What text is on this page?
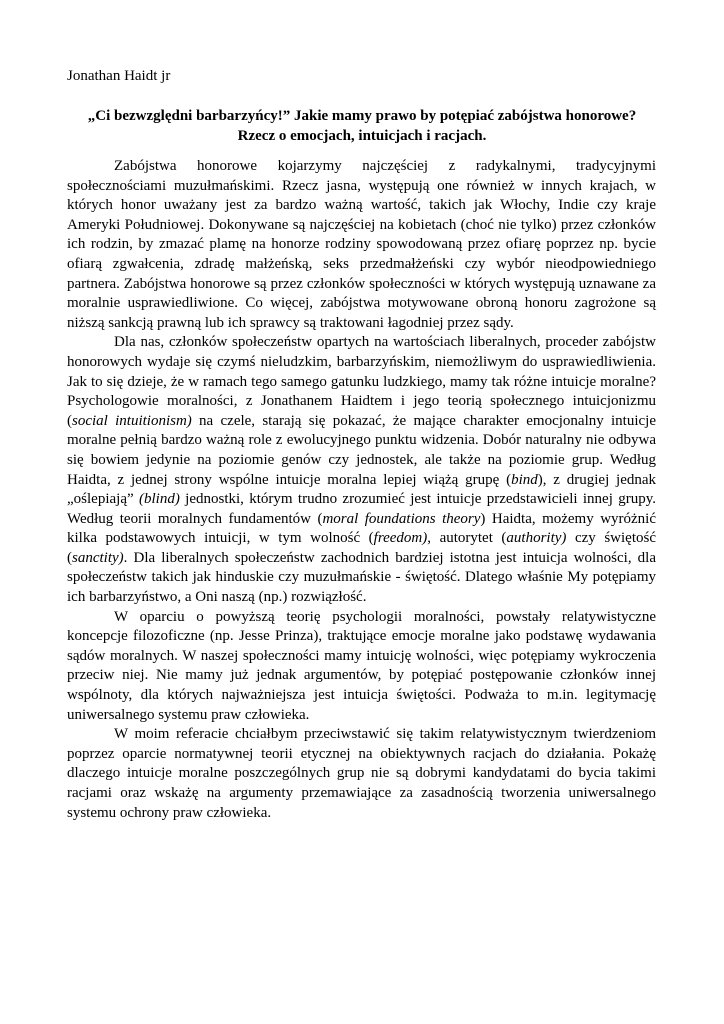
Jonathan Haidt jr

„Ci bezwzględni barbarzyńcy!” Jakie mamy prawo by potępiać zabójstwa honorowe?
Rzecz o emocjach, intuicjach i racjach.

Zabójstwa honorowe kojarzymy najczęściej z radykalnymi, tradycyjnymi społecznościami muzułmańskimi. Rzecz jasna, występują one również w innych krajach, w których honor uważany jest za bardzo ważną wartość, takich jak Włochy, Indie czy kraje Ameryki Południowej. Dokonywane są najczęściej na kobietach (choć nie tylko) przez członków ich rodzin, by zmazać plamę na honorze rodziny spowodowaną przez ofiarę poprzez np. bycie ofiarą zgwałcenia, zdradę małżeńską, seks przedmałżeński czy wybór nieodpowiedniego partnera. Zabójstwa honorowe są przez członków społeczności w których występują uznawane za moralnie usprawiedliwione. Co więcej, zabójstwa motywowane obroną honoru zagrożone są niższą sankcją prawną lub ich sprawcy są traktowani łagodniej przez sądy.

Dla nas, członków społeczeństw opartych na wartościach liberalnych, proceder zabójstw honorowych wydaje się czymś nieludzkim, barbarzyńskim, niemożliwym do usprawiedliwienia. Jak to się dzieje, że w ramach tego samego gatunku ludzkiego, mamy tak różne intuicje moralne? Psychologowie moralności, z Jonathanem Haidtem i jego teorią społecznego intuicjonizmu (social intuitionism) na czele, starają się pokazać, że mające charakter emocjonalny intuicje moralne pełnią bardzo ważną role z ewolucyjnego punktu widzenia. Dobór naturalny nie odbywa się bowiem jedynie na poziomie genów czy jednostek, ale także na poziomie grup. Według Haidta, z jednej strony wspólne intuicje moralna lepiej wiążą grupę (bind), z drugiej jednak „oślepiają” (blind) jednostki, którym trudno zrozumieć jest intuicje przedstawicieli innej grupy. Według teorii moralnych fundamentów (moral foundations theory) Haidta, możemy wyróżnić kilka podstawowych intuicji, w tym wolność (freedom), autorytet (authority) czy świętość (sanctity). Dla liberalnych społeczeństw zachodnich bardziej istotna jest intuicja wolności, dla społeczeństw takich jak hinduskie czy muzułmańskie - świętość. Dlatego właśnie My potępiamy ich barbarzyństwo, a Oni naszą (np.) rozwiązłość.

W oparciu o powyższą teorię psychologii moralności, powstały relatywistyczne koncepcje filozoficzne (np. Jesse Prinza), traktujące emocje moralne jako podstawę wydawania sądów moralnych. W naszej społeczności mamy intuicję wolności, więc potępiamy wykroczenia przeciw niej. Nie mamy już jednak argumentów, by potępiać postępowanie członków innej wspólnoty, dla których najważniejsza jest intuicja świętości. Podważa to m.in. legitymację uniwersalnego systemu praw człowieka.

W moim referacie chciałbym przeciwstawić się takim relatywistycznym twierdzeniom poprzez oparcie normatywnej teorii etycznej na obiektywnych racjach do działania. Pokażę dlaczego intuicje moralne poszczególnych grup nie są dobrymi kandydatami do bycia takimi racjami oraz wskażę na argumenty przemawiające za zasadnością tworzenia uniwersalnego systemu ochrony praw człowieka.
